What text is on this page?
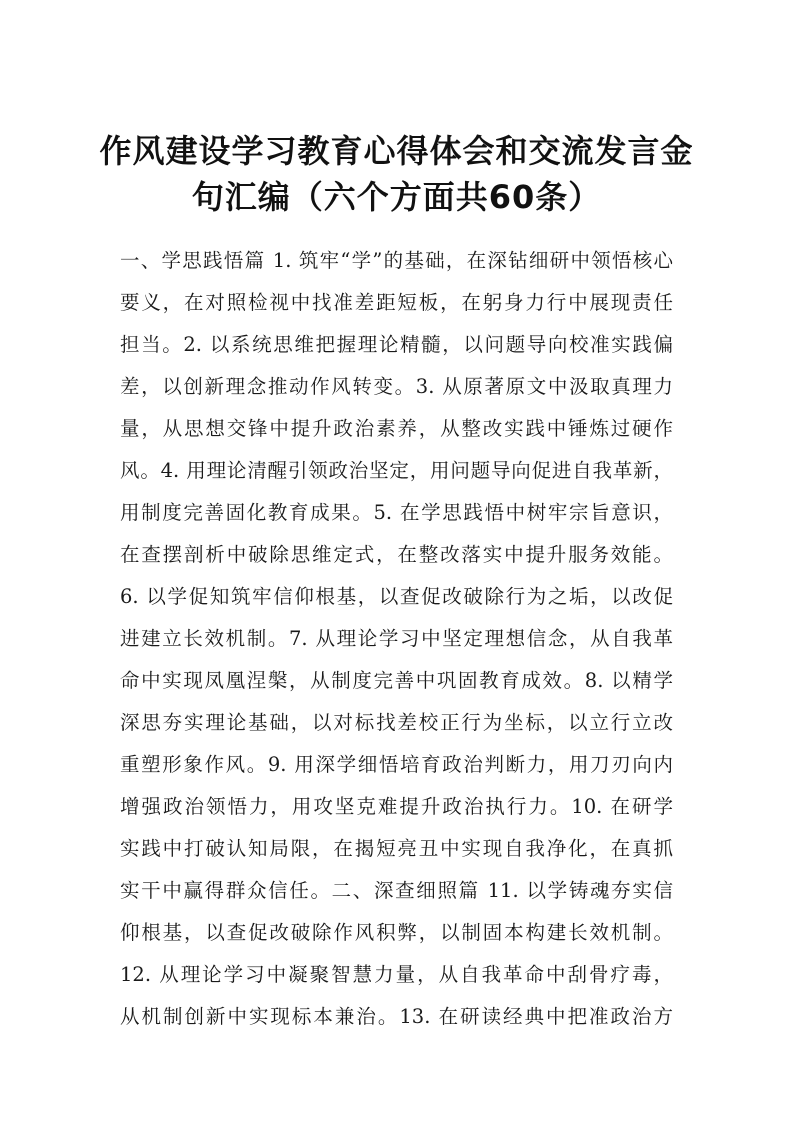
作风建设学习教育心得体会和交流发言金
句汇编（六个方面共60条）
一、学思践悟篇 1. 筑牢“学”的基础，在深钻细研中领悟核心
要义，在对照检视中找准差距短板，在躬身力行中展现责任
担当。2. 以系统思维把握理论精髓，以问题导向校准实践偏
差，以创新理念推动作风转变。3. 从原著原文中汲取真理力
量，从思想交锋中提升政治素养，从整改实践中锤炼过硬作
风。4. 用理论清醒引领政治坚定，用问题导向促进自我革新，
用制度完善固化教育成果。5. 在学思践悟中树牢宗旨意识，
在查摆剖析中破除思维定式，在整改落实中提升服务效能。
6. 以学促知筑牢信仰根基，以查促改破除行为之垢，以改促
进建立长效机制。7. 从理论学习中坚定理想信念，从自我革
命中实现凤凰涅槃，从制度完善中巩固教育成效。8. 以精学
深思夯实理论基础，以对标找差校正行为坐标，以立行立改
重塑形象作风。9. 用深学细悟培育政治判断力，用刀刃向内
增强政治领悟力，用攻坚克难提升政治执行力。10. 在研学
实践中打破认知局限，在揭短亮丑中实现自我净化，在真抓
实干中赢得群众信任。二、深查细照篇 11. 以学铸魂夯实信
仰根基，以查促改破除作风积弊，以制固本构建长效机制。
12. 从理论学习中凝聚智慧力量，从自我革命中刮骨疗毒，
从机制创新中实现标本兼治。13. 在研读经典中把准政治方
